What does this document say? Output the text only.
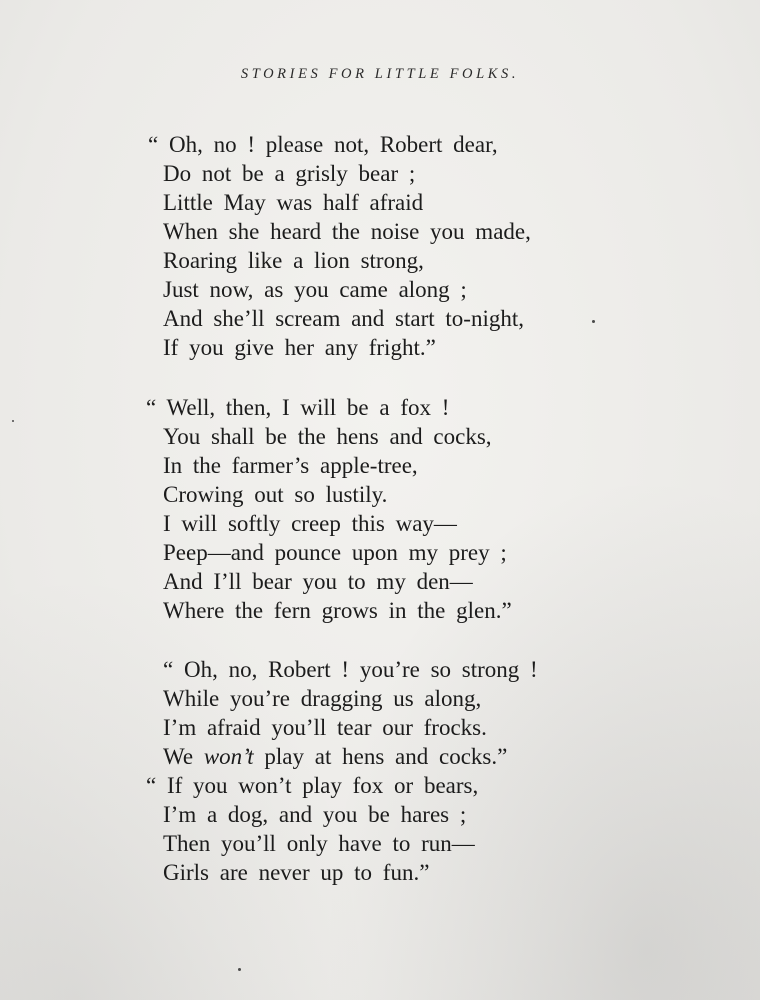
STORIES FOR LITTLE FOLKS.
“ Oh, no ! please not, Robert dear,
Do not be a grisly bear ;
Little May was half afraid
When she heard the noise you made,
Roaring like a lion strong,
Just now, as you came along ;
And she’ll scream and start to-night,
If you give her any fright.”
“ Well, then, I will be a fox !
You shall be the hens and cocks,
In the farmer’s apple-tree,
Crowing out so lustily.
I will softly creep this way—
Peep—and pounce upon my prey ;
And I’ll bear you to my den—
Where the fern grows in the glen.”
“ Oh, no, Robert ! you’re so strong !
While you’re dragging us along,
I’m afraid you’ll tear our frocks.
We won’t play at hens and cocks.”
“ If you won’t play fox or bears,
I’m a dog, and you be hares ;
Then you’ll only have to run—
Girls are never up to fun.”
